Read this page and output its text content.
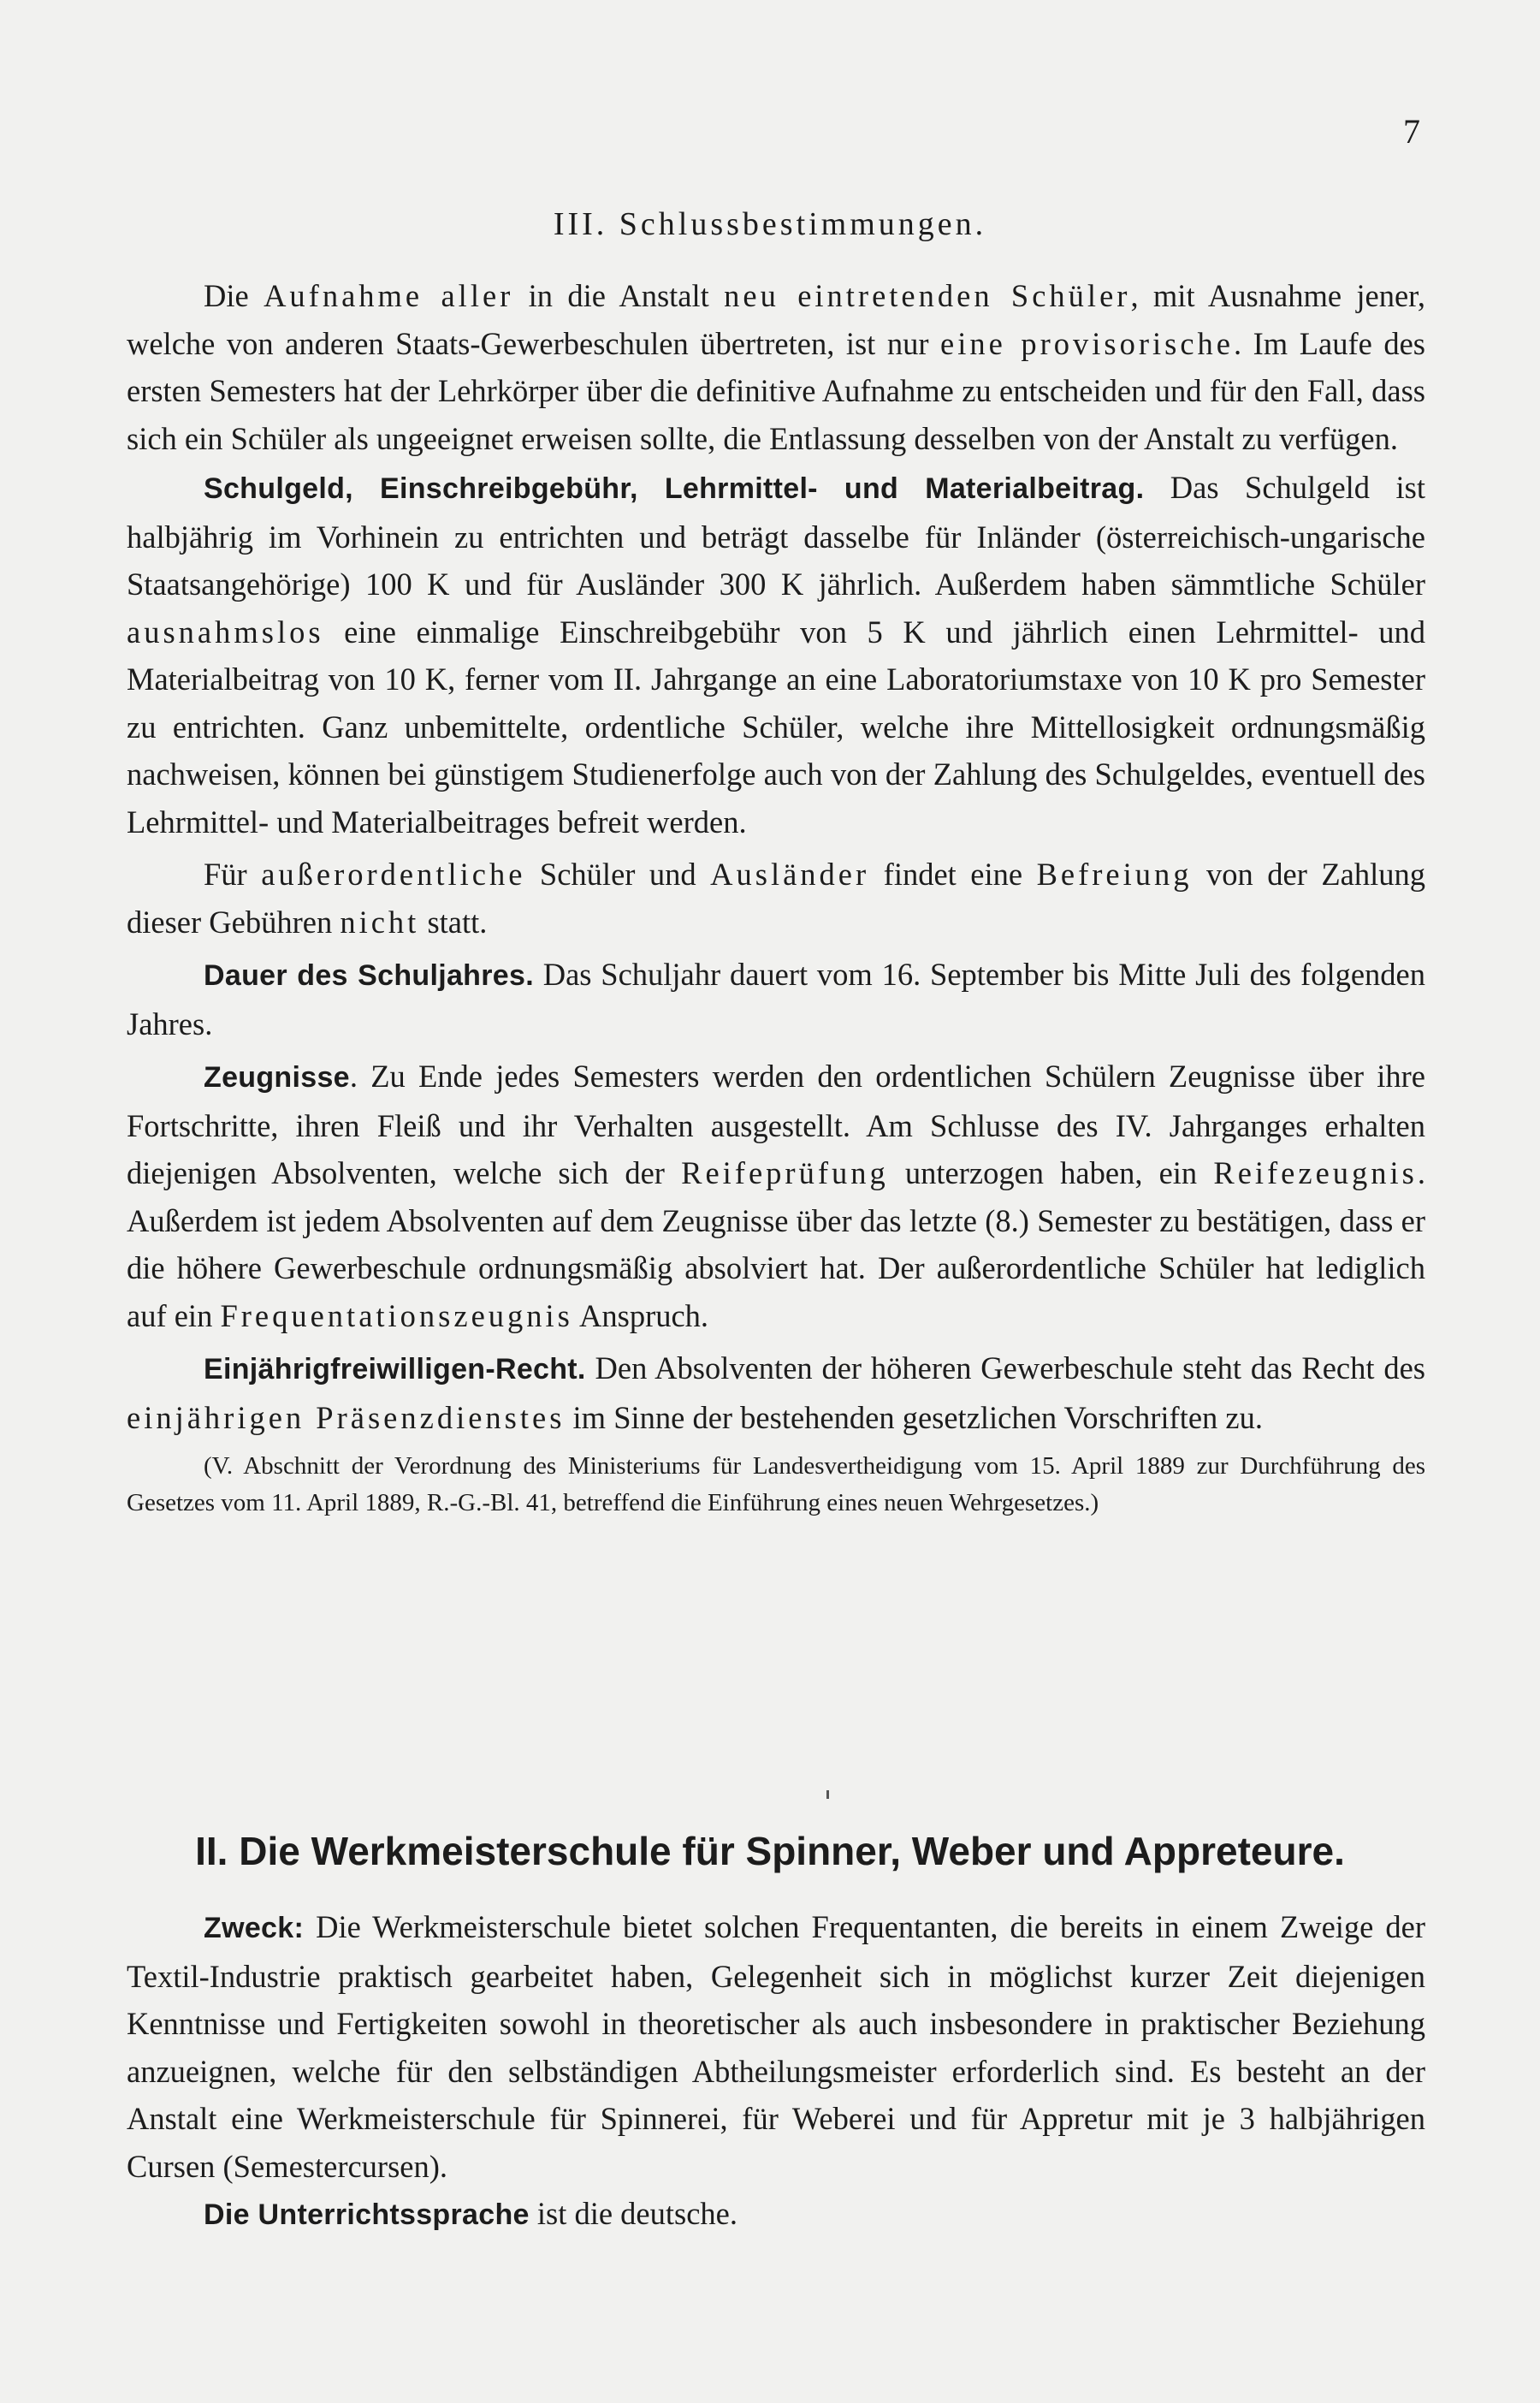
7
III. Schlussbestimmungen.

Die Aufnahme aller in die Anstalt neu eintretenden Schüler, mit Ausnahme jener, welche von anderen Staats-Gewerbeschulen übertreten, ist nur eine provisorische. Im Laufe des ersten Semesters hat der Lehrkörper über die definitive Aufnahme zu entscheiden und für den Fall, dass sich ein Schüler als ungeeignet erweisen sollte, die Entlassung desselben von der Anstalt zu verfügen.

Schulgeld, Einschreibgebühr, Lehrmittel- und Materialbeitrag. Das Schulgeld ist halbjährig im Vorhinein zu entrichten und beträgt dasselbe für Inländer (österreichisch-ungarische Staatsangehörige) 100 K und für Ausländer 300 K jährlich. Außerdem haben sämmtliche Schüler ausnahmslos eine einmalige Einschreibgebühr von 5 K und jährlich einen Lehrmittel- und Materialbeitrag von 10 K, ferner vom II. Jahrgange an eine Laboratoriumstaxe von 10 K pro Semester zu entrichten. Ganz unbemittelte, ordentliche Schüler, welche ihre Mittellosigkeit ordnungsmäßig nachweisen, können bei günstigem Studienerfolge auch von der Zahlung des Schulgeldes, eventuell des Lehrmittel- und Materialbeitrages befreit werden.

Für außerordentliche Schüler und Ausländer findet eine Befreiung von der Zahlung dieser Gebühren nicht statt.

Dauer des Schuljahres. Das Schuljahr dauert vom 16. September bis Mitte Juli des folgenden Jahres.

Zeugnisse. Zu Ende jedes Semesters werden den ordentlichen Schülern Zeugnisse über ihre Fortschritte, ihren Fleiß und ihr Verhalten ausgestellt. Am Schlusse des IV. Jahrganges erhalten diejenigen Absolventen, welche sich der Reifeprüfung unterzogen haben, ein Reifezeugnis. Außerdem ist jedem Absolventen auf dem Zeugnisse über das letzte (8.) Semester zu bestätigen, dass er die höhere Gewerbeschule ordnungsmäßig absolviert hat. Der außerordentliche Schüler hat lediglich auf ein Frequentationszeugnis Anspruch.

Einjährigfreiwilligen-Recht. Den Absolventen der höheren Gewerbeschule steht das Recht des einjährigen Präsenzdienstes im Sinne der bestehenden gesetzlichen Vorschriften zu.

(V. Abschnitt der Verordnung des Ministeriums für Landesvertheidigung vom 15. April 1889 zur Durchführung des Gesetzes vom 11. April 1889, R.-G.-Bl. 41, betreffend die Einführung eines neuen Wehrgesetzes.)

II. Die Werkmeisterschule für Spinner, Weber und Appreteure.

Zweck: Die Werkmeisterschule bietet solchen Frequentanten, die bereits in einem Zweige der Textil-Industrie praktisch gearbeitet haben, Gelegenheit sich in möglichst kurzer Zeit diejenigen Kenntnisse und Fertigkeiten sowohl in theoretischer als auch insbesondere in praktischer Beziehung anzueignen, welche für den selbständigen Abtheilungsmeister erforderlich sind. Es besteht an der Anstalt eine Werkmeisterschule für Spinnerei, für Weberei und für Appretur mit je 3 halbjährigen Cursen (Semestercursen).

Die Unterrichtssprache ist die deutsche.
